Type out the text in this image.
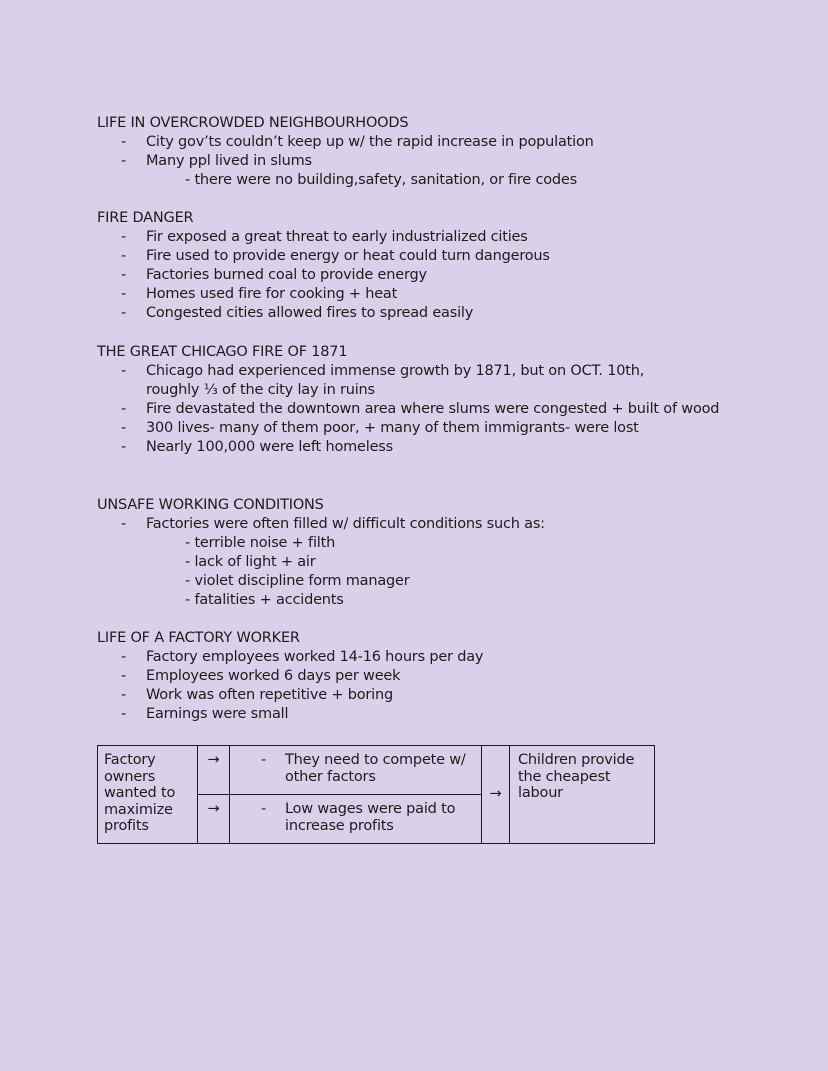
LIFE IN OVERCROWDED NEIGHBOURHOODS
- City gov’ts couldn’t keep up w/ the rapid increase in population
- Many ppl lived in slums
- there were no building,safety, sanitation, or fire codes
FIRE DANGER
- Fir exposed a great threat to early industrialized cities
- Fire used to provide energy or heat could turn dangerous
- Factories burned coal to provide energy
- Homes used fire for cooking + heat
- Congested cities allowed fires to spread easily
THE GREAT CHICAGO FIRE OF 1871
- Chicago had experienced immense growth by 1871, but on OCT. 10th, roughly ⅓ of the city lay in ruins
- Fire devastated the downtown area where slums were congested + built of wood
- 300 lives- many of them poor, + many of them immigrants- were lost
- Nearly 100,000 were left homeless
UNSAFE WORKING CONDITIONS
- Factories were often filled w/ difficult conditions such as:
- terrible noise + filth
- lack of light + air
- violet discipline form manager
- fatalities + accidents
LIFE OF A FACTORY WORKER
- Factory employees worked 14-16 hours per day
- Employees worked 6 days per week
- Work was often repetitive + boring
- Earnings were small
Factory owners wanted to maximize profits	→	- They need to compete w/ other factors	→	Children provide the cheapest labour
	→	- Low wages were paid to increase profits		
